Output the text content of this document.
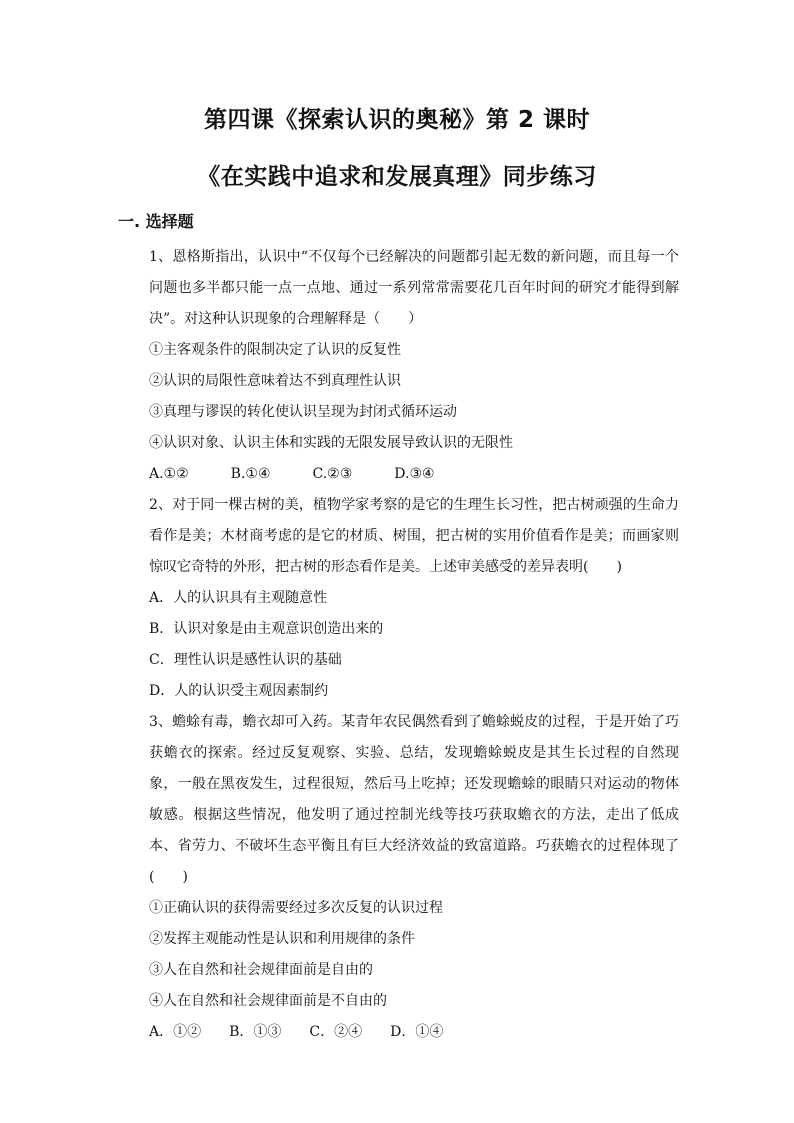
第四课《探索认识的奥秘》第 2 课时
《在实践中追求和发展真理》同步练习
一. 选择题

1、恩格斯指出，认识中“不仅每个已经解决的问题都引起无数的新问题，而且每一个问题也多半都只能一点一点地、通过一系列常常需要花几百年时间的研究才能得到解决”。对这种认识现象的合理解释是（　　）

①主客观条件的限制决定了认识的反复性

②认识的局限性意味着达不到真理性认识

③真理与谬误的转化使认识呈现为封闭式循环运动

④认识对象、认识主体和实践的无限发展导致认识的无限性

A.①②　　　B.①④　　　C.②③　　　D.③④

2、对于同一棵古树的美，植物学家考察的是它的生理生长习性，把古树顽强的生命力看作是美；木材商考虑的是它的材质、树围，把古树的实用价值看作是美；而画家则惊叹它奇特的外形，把古树的形态看作是美。上述审美感受的差异表明(　　)

A．人的认识具有主观随意性

B．认识对象是由主观意识创造出来的

C．理性认识是感性认识的基础

D．人的认识受主观因素制约

3、蟾蜍有毒，蟾衣却可入药。某青年农民偶然看到了蟾蜍蜕皮的过程，于是开始了巧获蟾衣的探索。经过反复观察、实验、总结，发现蟾蜍蜕皮是其生长过程的自然现象，一般在黑夜发生，过程很短，然后马上吃掉；还发现蟾蜍的眼睛只对运动的物体敏感。根据这些情况，他发明了通过控制光线等技巧获取蟾衣的方法，走出了低成本、省劳力、不破坏生态平衡且有巨大经济效益的致富道路。巧获蟾衣的过程体现了(　　)

①正确认识的获得需要经过多次反复的认识过程

②发挥主观能动性是认识和利用规律的条件

③人在自然和社会规律面前是自由的

④人在自然和社会规律面前是不自由的

A．①②　　B．①③　　C．②④　　D．①④
